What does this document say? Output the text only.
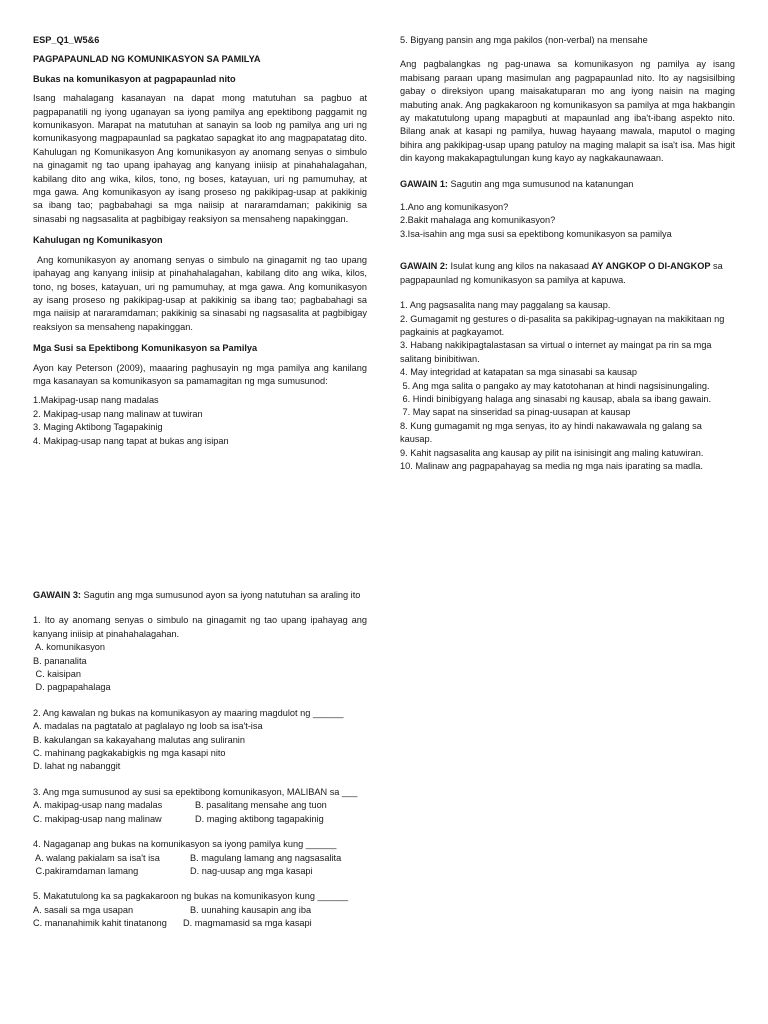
ESP_Q1_W5&6

PAGPAPAUNLAD NG KOMUNIKASYON SA PAMILYA

Bukas na komunikasyon at pagpapaunlad nito

Isang mahalagang kasanayan na dapat mong matutuhan sa pagbuo at pagpapanatili ng iyong uganayan sa iyong pamilya ang epektibong paggamit ng komunikasyon. Marapat na matutuhan at sanayin sa loob ng pamilya ang uri ng komunikasyong magpapaunlad sa pagkatao sapagkat ito ang magpapatatag dito. Kahulugan ng Komunikasyon Ang komunikasyon ay anomang senyas o simbulo na ginagamit ng tao upang ipahayag ang kanyang iniisip at pinahahalagahan, kabilang dito ang wika, kilos, tono, ng boses, katayuan, uri ng pamumuhay, at mga gawa. Ang komunikasyon ay isang proseso ng pakikipag-usap at pakikinig sa ibang tao; pagbabahagi sa mga naiisip at nararamdaman; pakikinig sa sinasabi ng nagsasalita at pagbibigay reaksiyon sa mensaheng napakinggan.

Kahulugan ng Komunikasyon

Ang komunikasyon ay anomang senyas o simbulo na ginagamit ng tao upang ipahayag ang kanyang iniisip at pinahahalagahan, kabilang dito ang wika, kilos, tono, ng boses, katayuan, uri ng pamumuhay, at mga gawa. Ang komunikasyon ay isang proseso ng pakikipag-usap at pakikinig sa ibang tao; pagbabahagi sa mga naiisip at nararamdaman; pakikinig sa sinasabi ng nagsasalita at pagbibigay reaksiyon sa mensaheng napakinggan.

Mga Susi sa Epektibong Komunikasyon sa Pamilya

Ayon kay Peterson (2009), maaaring paghusayin ng mga pamilya ang kanilang mga kasanayan sa komunikasyon sa pamamagitan ng mga sumusunod:

1.Makipag-usap nang madalas

2. Makipag-usap nang malinaw at tuwiran

3. Maging Aktibong Tagapakinig

4. Makipag-usap nang tapat at bukas ang isipan

5. Bigyang pansin ang mga pakilos (non-verbal) na mensahe

Ang pagbalangkas ng pag-unawa sa komunikasyon ng pamilya ay isang mabisang paraan upang masimulan ang pagpapaunlad nito. Ito ay nagsisilbing gabay o direksiyon upang maisakatuparan mo ang iyong naisin na maging mabuting anak. Ang pagkakaroon ng komunikasyon sa pamilya at mga hakbangin ay makatutulong upang mapagbuti at mapaunlad ang iba't-ibang aspekto nito. Bilang anak at kasapi ng pamilya, huwag hayaang mawala, maputol o maging bihira ang pakikipag-usap upang patuloy na maging malapit sa isa't isa. Mas higit din kayong makakapagtulungan kung kayo ay nagkakaunawaan.

GAWAIN 1: Sagutin ang mga sumusunod na katanungan

1.Ano ang komunikasyon?

2.Bakit mahalaga ang komunikasyon?

3.Isa-isahin ang mga susi sa epektibong komunikasyon sa pamilya

GAWAIN 2: Isulat kung ang kilos na nakasaad AY ANGKOP O DI-ANGKOP sa pagpapaunlad ng komunikasyon sa pamilya at kapuwa.

1. Ang pagsasalita nang may paggalang sa kausap.

2. Gumagamit ng gestures o di-pasalita sa pakikipag-ugnayan na makikitaan ng pagkainis at pagkayamot.

3. Habang nakikipagtalastasan sa virtual o internet ay maingat pa rin sa mga salitang binibitiwan.

4. May integridad at katapatan sa mga sinasabi sa kausap

5. Ang mga salita o pangako ay may katotohanan at hindi nagsisinungaling.

6. Hindi binibigyang halaga ang sinasabi ng kausap, abala sa ibang gawain.

7. May sapat na sinseridad sa pinag-uusapan at kausap

8. Kung gumagamit ng mga senyas, ito ay hindi nakawawala ng galang sa kausap.

9. Kahit nagsasalita ang kausap ay pilit na isinisingit ang maling katuwiran.

10. Malinaw ang pagpapahayag sa media ng mga nais iparating sa madla.

GAWAIN 3: Sagutin ang mga sumusunod ayon sa iyong natutuhan sa araling ito

1. Ito ay anomang senyas o simbulo na ginagamit ng tao upang ipahayag ang kanyang iniisip at pinahahalagahan.

A. komunikasyon

B. pananalita

C. kaisipan

D. pagpapahalaga

2. Ang kawalan ng bukas na komunikasyon ay maaring magdulot ng ______

A. madalas na pagtatalo at paglalayo ng loob sa isa't-isa

B. kakulangan sa kakayahang malutas ang suliranin

C. mahinang pagkakabigkis ng mga kasapi nito

D. lahat ng nabanggit

3. Ang mga sumusunod ay susi sa epektibong komunikasyon, MALIBAN sa ___

A. makipag-usap nang madalas	B. pasalitang mensahe ang tuon
C. makipag-usap nang malinaw	D. maging aktibong tagapakinig

4. Nagaganap ang bukas na komunikasyon sa iyong pamilya kung ______

A. walang pakialam sa isa't isa	B. magulang lamang ang nagsasalita
C.pakiramdaman lamang	D. nag-uusap ang mga kasapi

5. Makatutulong ka sa pagkakaroon ng bukas na komunikasyon kung ______

A. sasali sa mga usapan	B. uunahing kausapin ang iba
C. mananahimik kahit tinatanong	D. magmamasid sa mga kasapi
